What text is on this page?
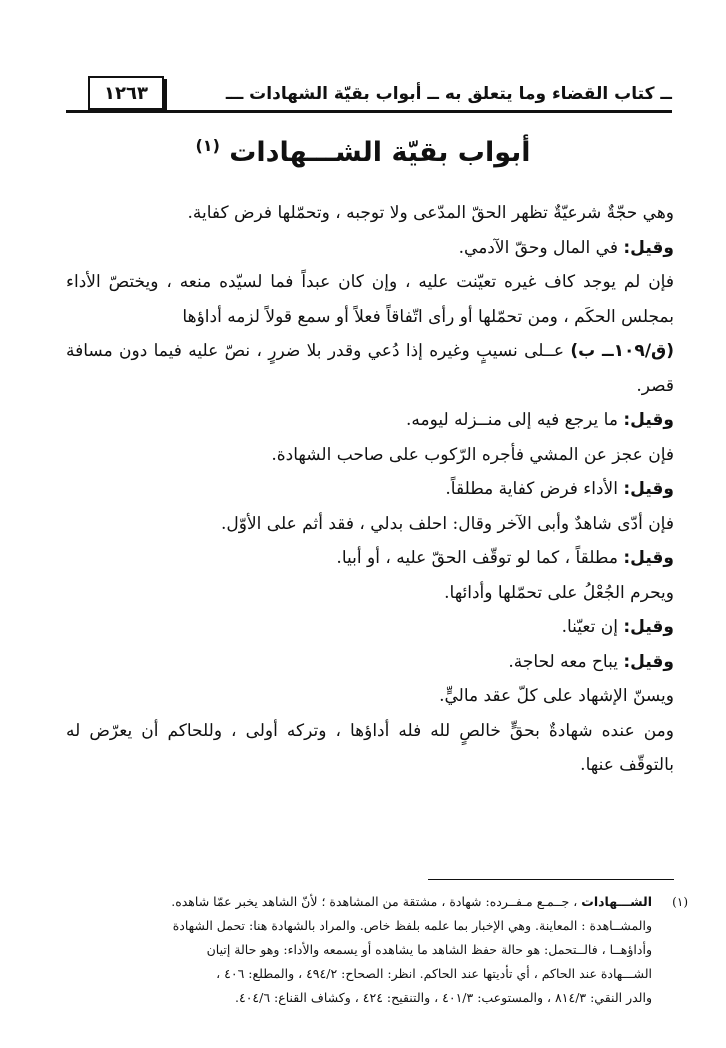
١٢٦٣	ــ كتاب القضاء وما يتعلق به ــ أبواب بقيّة الشهادات ـــ
أبواب بقيّة الشـــهادات $^{(١)}$

وهي حجّةٌ شرعيّةٌ تظهر الحقّ المدّعى ولا توجبه ، وتحمّلها فرض كفاية.

وقيل: في المال وحقّ الآدمي.

فإن لم يوجد كاف غيره تعيّنت عليه ، وإن كان عبداً فما لسيّده منعه ، ويختصّ الأداء بمجلس الحكَم ، ومن تحمّلها أو رأى اتّفاقاً فعلاً أو سمع قولاً لزمه أداؤها

(ق/١٠٩ــ ب) عــلى نسيبٍ وغيره إذا دُعي وقدر بلا ضررٍ ، نصّ عليه فيما دون مسافة قصر.

وقيل: ما يرجع فيه إلى منــزله ليومه.

فإن عجز عن المشي فأجره الرّكوب على صاحب الشهادة.

وقيل: الأداء فرض كفاية مطلقاً.

فإن أدّى شاهدٌ وأبى الآخر وقال: احلف بدلي ، فقد أثم على الأوّل.

وقيل: مطلقاً ، كما لو توقّف الحقّ عليه ، أو أبيا.

ويحرم الجُعْلُ على تحمّلها وأدائها.

وقيل: إن تعيّنا.

وقيل: يباح معه لحاجة.

ويسنّ الإشهاد على كلّ عقد ماليٍّ.

ومن عنده شهادةٌ بحقٍّ خالصٍ لله فله أداؤها ، وتركه أولى ، وللحاكم أن يعرّض له بالتوقّف عنها.

(١)

الشـــهادات ، جــمـع مـفــرده: شهادة ، مشتقة من المشاهدة ؛ لأنّ الشاهد يخبر عمّا شاهده.

والمشــاهدة : المعاينة. وهي الإخبار بما علمه بلفظ خاص. والمراد بالشهادة هنا: تحمل الشهادة

وأداؤهــا ، فالــتحمل: هو حالة حفظ الشاهد ما يشاهده أو يسمعه والأداء: وهو حالة إتيان

الشـــهادة عند الحاكم ، أي تأديتها عند الحاكم. انظر: الصحاح: ٤٩٤/٢ ، والمطلع: ٤٠٦ ،

والدر النقي: ٨١٤/٣ ، والمستوعب: ٤٠١/٣ ، والتنقيح: ٤٢٤ ، وكشاف القناع: ٤٠٤/٦.
